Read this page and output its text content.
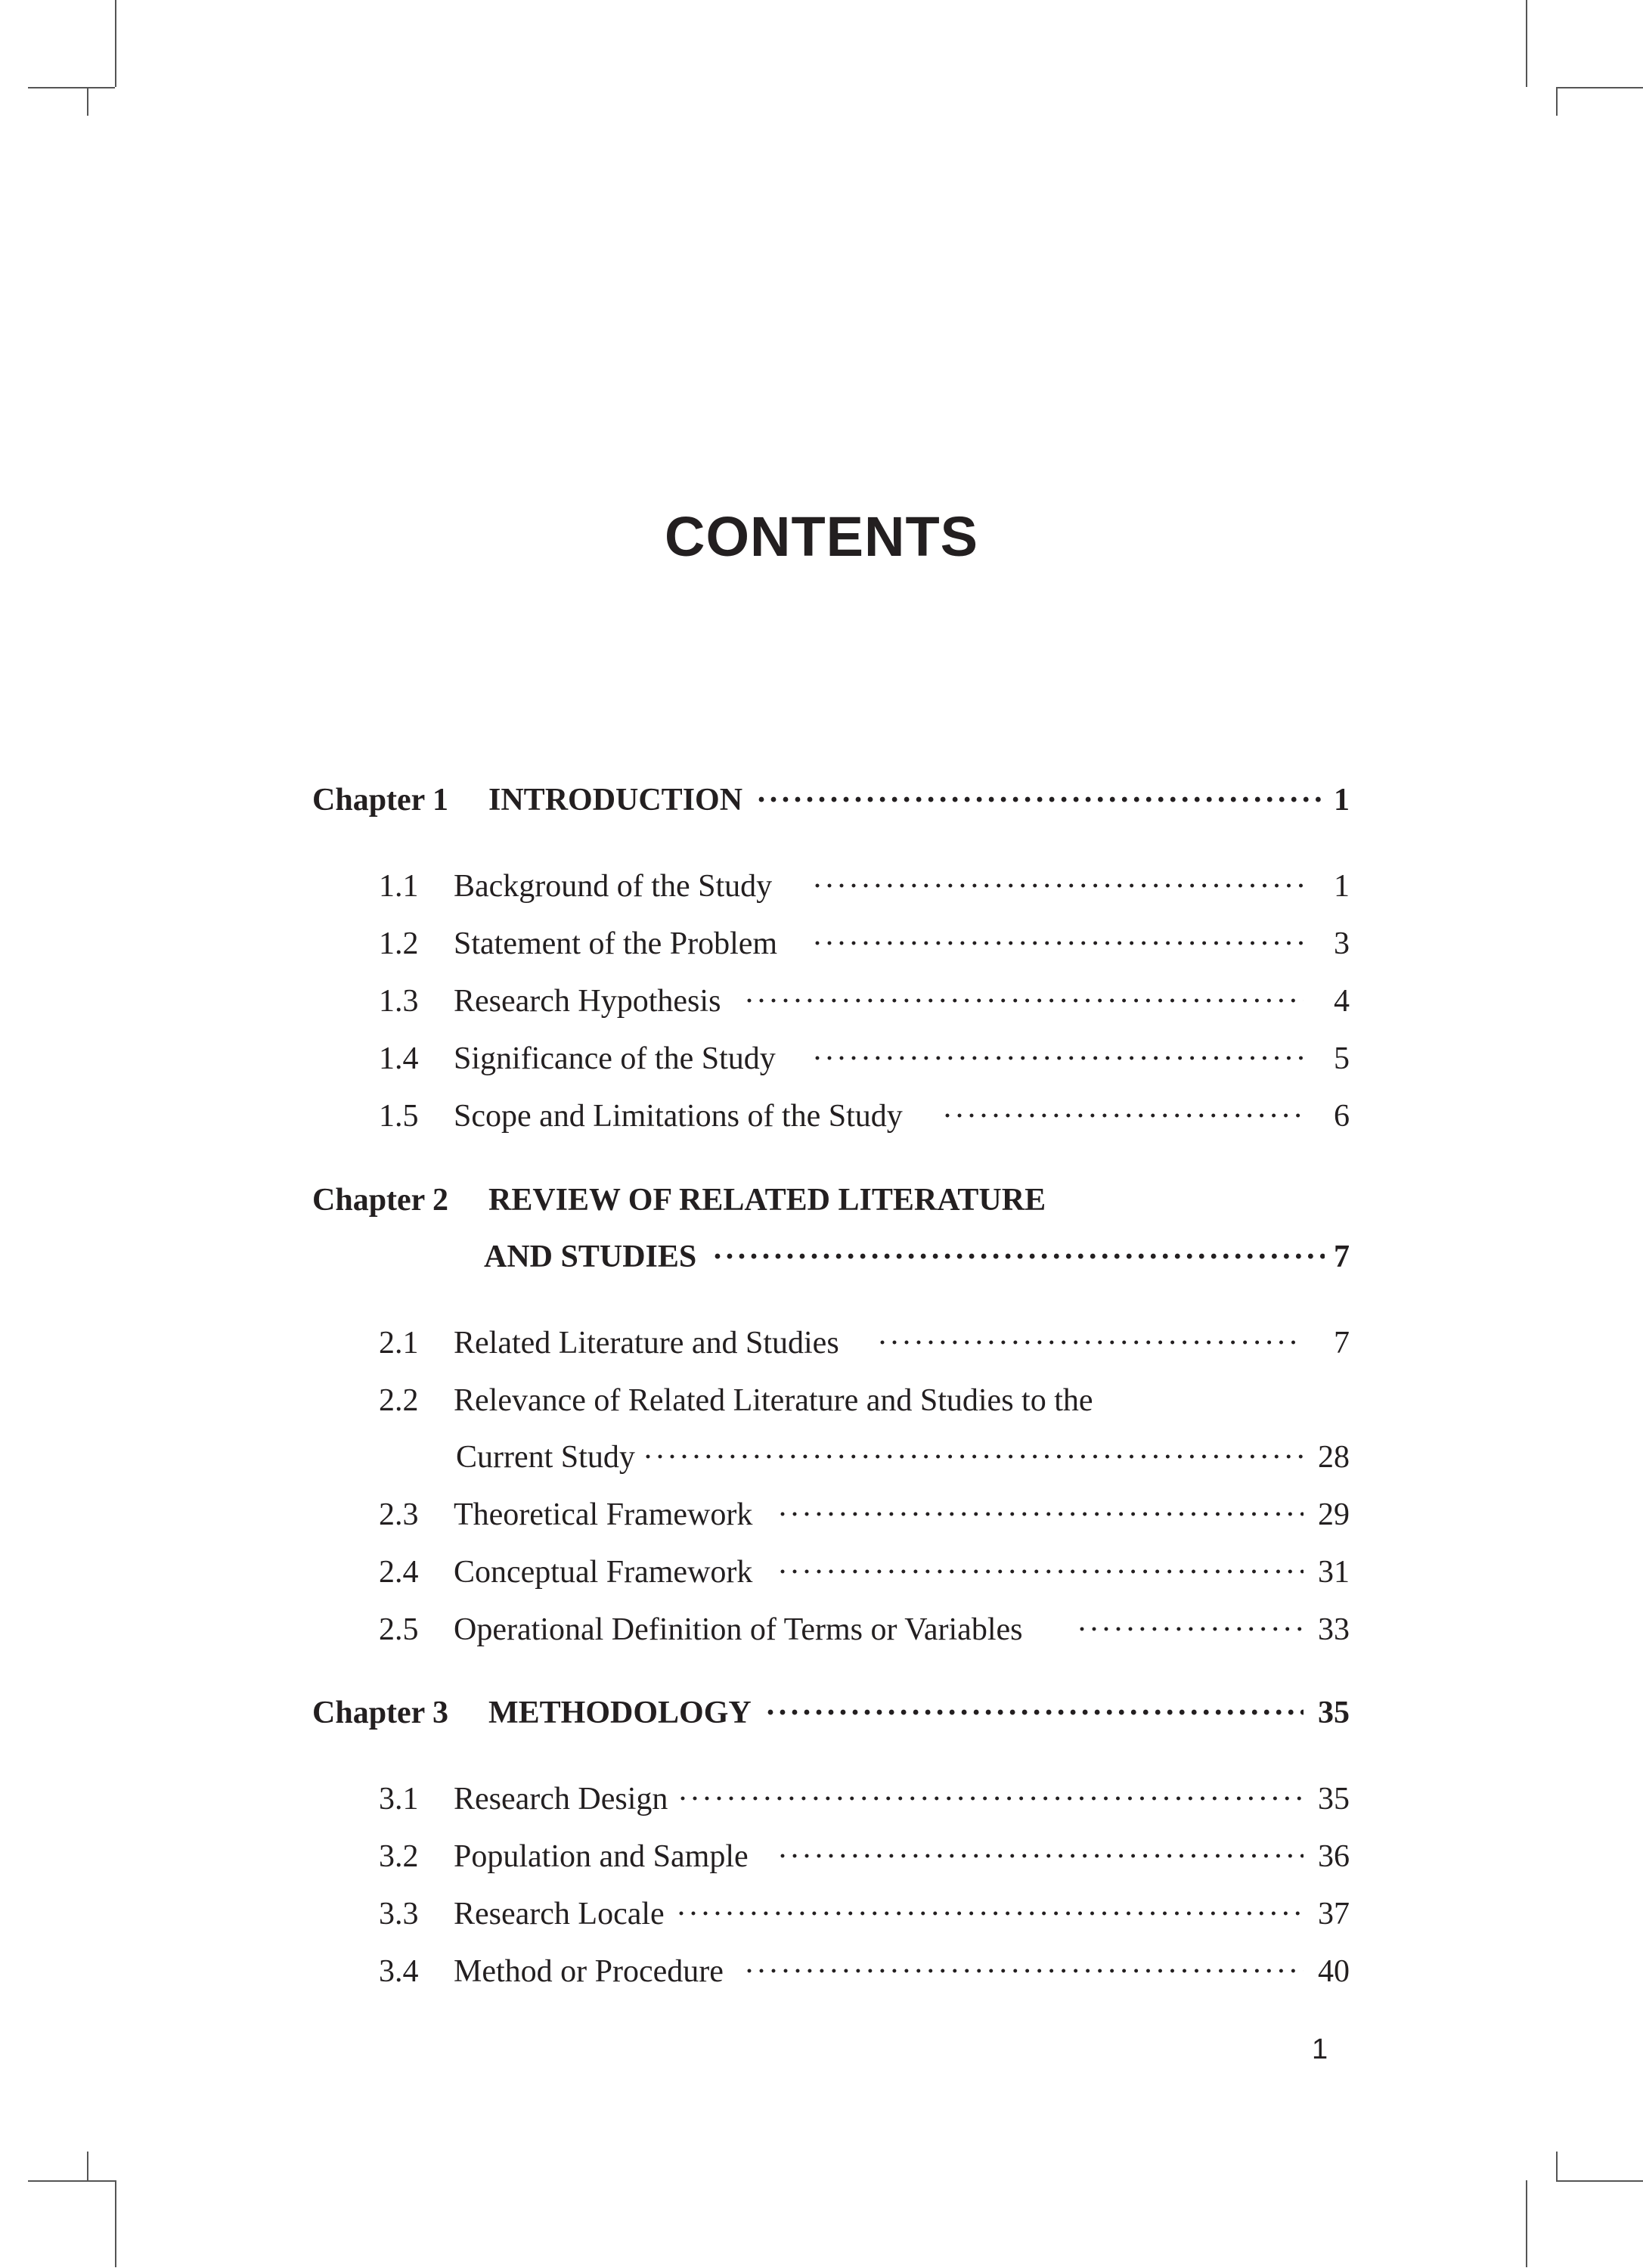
CONTENTS
Chapter 1 INTRODUCTION ·····	1
1.1 Background of the Study ·····	1
1.2 Statement of the Problem ·····	3
1.3 Research Hypothesis ·····	4
1.4 Significance of the Study ·····	5
1.5 Scope and Limitations of the Study ·····	6
Chapter 2 REVIEW OF RELATED LITERATURE
AND STUDIES ·····	7
2.1 Related Literature and Studies ·····	7
2.2 Relevance of Related Literature and Studies to the
Current Study ·····	28
2.3 Theoretical Framework ·····	29
2.4 Conceptual Framework ·····	31
2.5 Operational Definition of Terms or Variables ·····	33
Chapter 3 METHODOLOGY ·····	35
3.1 Research Design ·····	35
3.2 Population and Sample ·····	36
3.3 Research Locale ·····	37
3.4 Method or Procedure ·····	40
1
